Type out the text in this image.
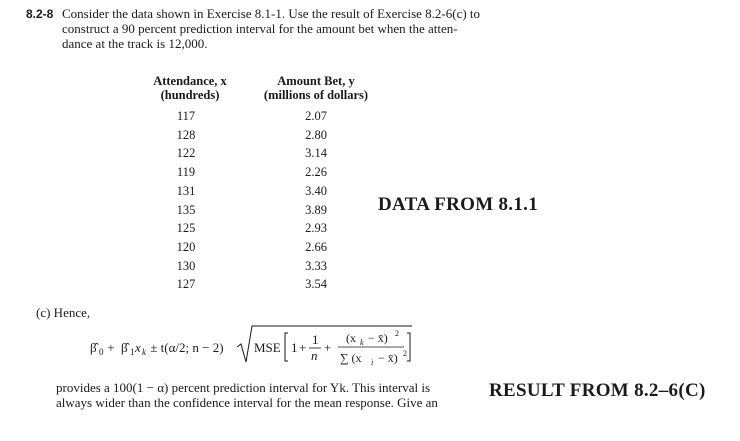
8.2-8 Consider the data shown in Exercise 8.1-1. Use the result of Exercise 8.2-6(c) to
construct a 90 percent prediction interval for the amount bet when the atten-
dance at the track is 12,000.
Attendance, x
(hundreds)
Amount Bet, y
(millions of dollars)
117
128
122
119
131
135
125
120
130
127
2.07
2.80
3.14
2.26
3.40
3.89
2.93
2.66
3.33
3.54
DATA FROM 8.1.1
(c) Hence,
β̂ 0 + β̂ 1 x k ± t(α/2; n − 2) MSE 1 +
1
n
+
(x k − x̄) 2
∑ (x i − x̄) 2
provides a 100(1 − α) percent prediction interval for Yk. This interval is
always wider than the confidence interval for the mean response. Give an
RESULT FROM 8.2–6(C)
